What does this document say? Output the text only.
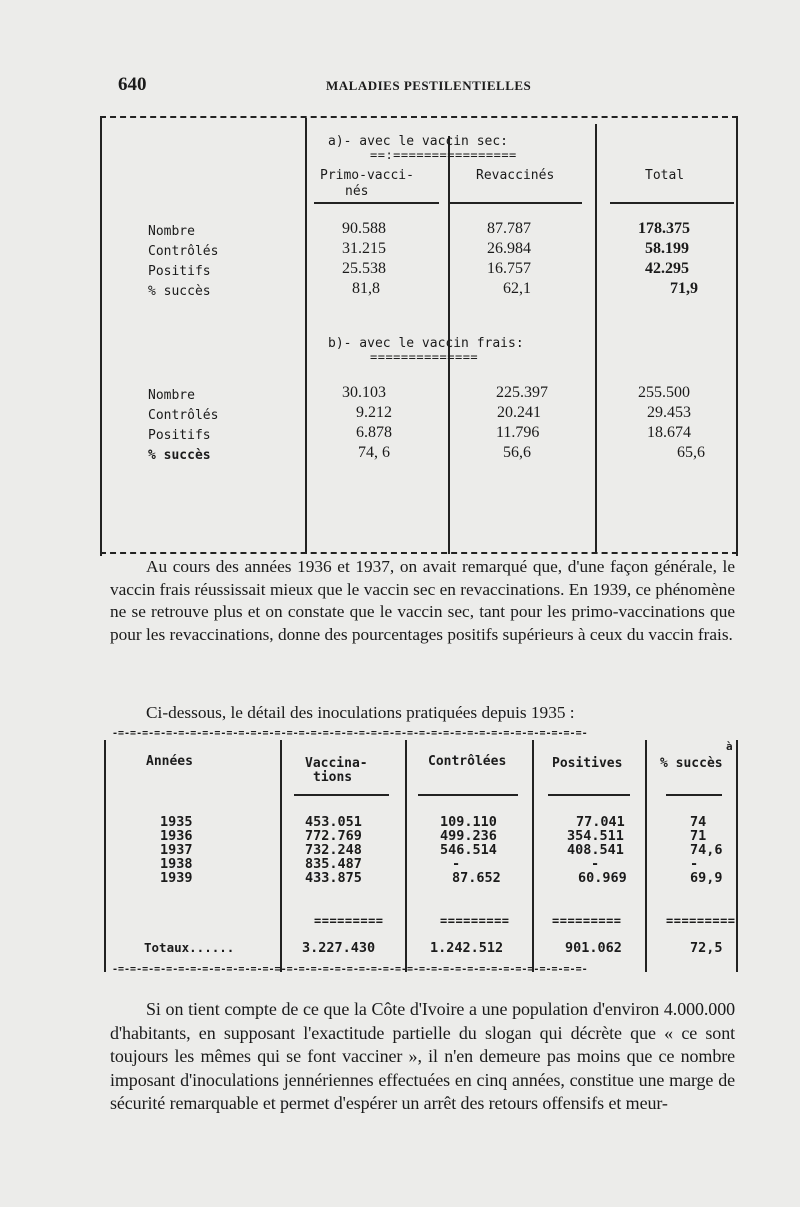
640	MALADIES PESTILENTIELLES
a)- avec le vaccin sec:
==:================
Primo-vacci-
nés
Revaccinés	Total
Nombre	90.588	87.787	178.375
Contrôlés	31.215	26.984	58.199
Positifs	25.538	16.757	42.295
% succès	81,8	62,1	71,9
b)- avec le vaccin frais:
==============
Nombre	30.103	225.397	255.500
Contrôlés	9.212	20.241	29.453
Positifs	6.878	11.796	18.674
% succès	74, 6	56,6	65,6

Au cours des années 1936 et 1937, on avait remarqué que, d'une façon générale, le vaccin frais réussissait mieux que le vaccin sec en revaccinations. En 1939, ce phénomène ne se retrouve plus et on constate que le vaccin sec, tant pour les primo-vaccinations que pour les revaccinations, donne des pourcentages positifs supérieurs à ceux du vaccin frais.

Ci-dessous, le détail des inoculations pratiquées depuis 1935 :

-=-=-=-=-=-=-=-=-=-=-=-=-=-=-=-=-=-=-=-=-=-=-=-=-=-=-=-=-=-=-=-=-=-=-=-=-=-=-=-
Années	Vaccina-
tions
Contrôlées	Positives
à
% succès
1935	453.051	109.110	77.041	74
1936	772.769	499.236	354.511	71
1937	732.248	546.514	408.541	74,6
1938	835.487	-	-	-
1939	433.875	87.652	60.969	69,9
=========	=========	=========	=========
Totaux......	3.227.430	1.242.512	901.062	72,5
-=-=-=-=-=-=-=-=-=-=-=-=-=-=-=-=-=-=-=-=-=-=-=-=-=-=-=-=-=-=-=-=-=-=-=-=-=-=-=-

Si on tient compte de ce que la Côte d'Ivoire a une population d'environ 4.000.000 d'habitants, en supposant l'exactitude partielle du slogan qui décrète que « ce sont toujours les mêmes qui se font vacciner », il n'en demeure pas moins que ce nombre imposant d'inoculations jennériennes effectuées en cinq années, constitue une marge de sécurité remarquable et permet d'espérer un arrêt des retours offensifs et meur-
